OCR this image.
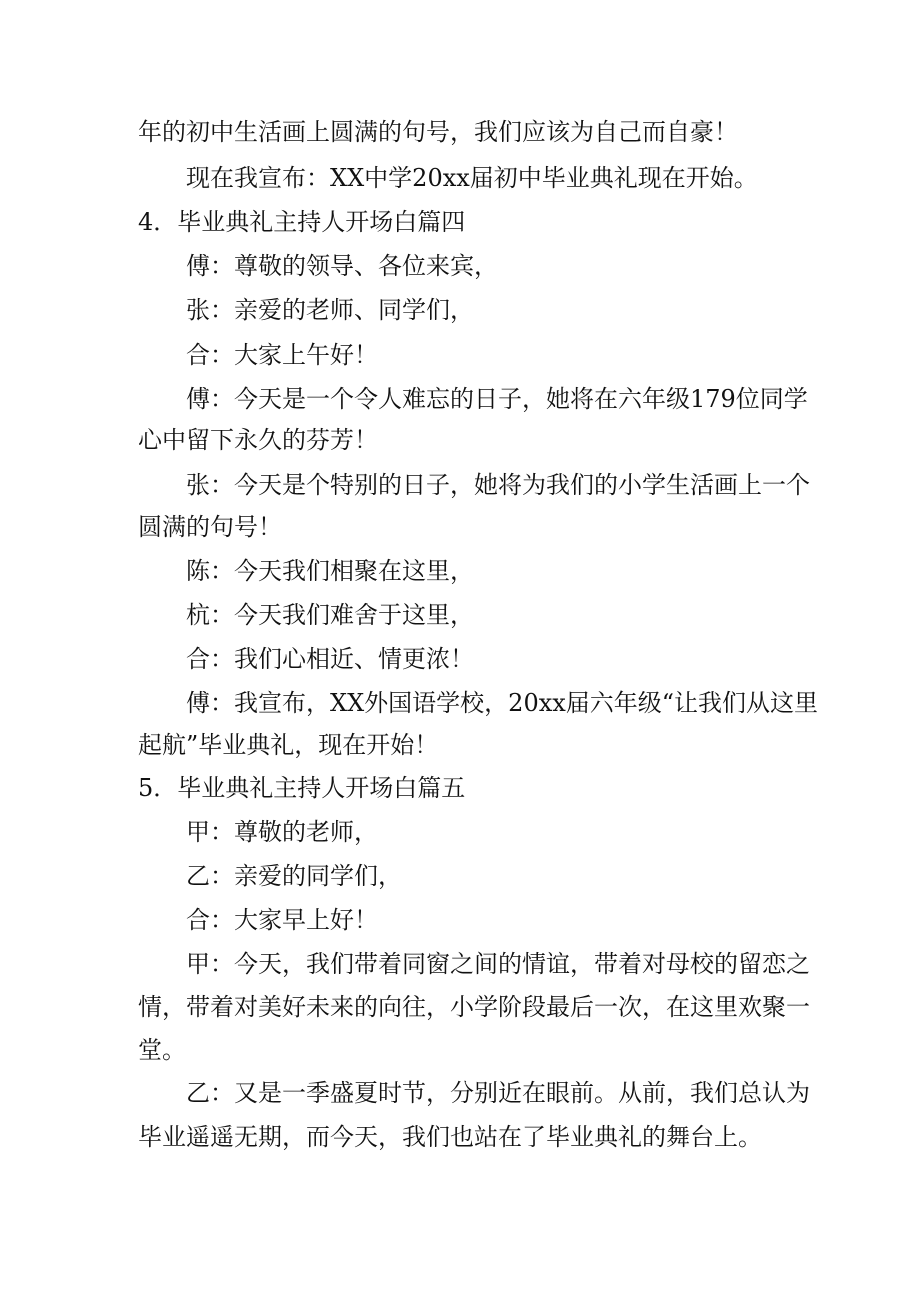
年的初中生活画上圆满的句号，我们应该为自己而自豪！
现在我宣布：XX中学20xx届初中毕业典礼现在开始。
4．毕业典礼主持人开场白篇四
傅：尊敬的领导、各位来宾，
张：亲爱的老师、同学们，
合：大家上午好！
傅：今天是一个令人难忘的日子，她将在六年级179位同学
心中留下永久的芬芳！
张：今天是个特别的日子，她将为我们的小学生活画上一个
圆满的句号！
陈：今天我们相聚在这里，
杭：今天我们难舍于这里，
合：我们心相近、情更浓！
傅：我宣布，XX外国语学校，20xx届六年级“让我们从这里
起航”毕业典礼，现在开始！
5．毕业典礼主持人开场白篇五
甲：尊敬的老师，
乙：亲爱的同学们，
合：大家早上好！
甲：今天，我们带着同窗之间的情谊，带着对母校的留恋之
情，带着对美好未来的向往，小学阶段最后一次，在这里欢聚一
堂。
乙：又是一季盛夏时节，分别近在眼前。从前，我们总认为
毕业遥遥无期，而今天，我们也站在了毕业典礼的舞台上。
